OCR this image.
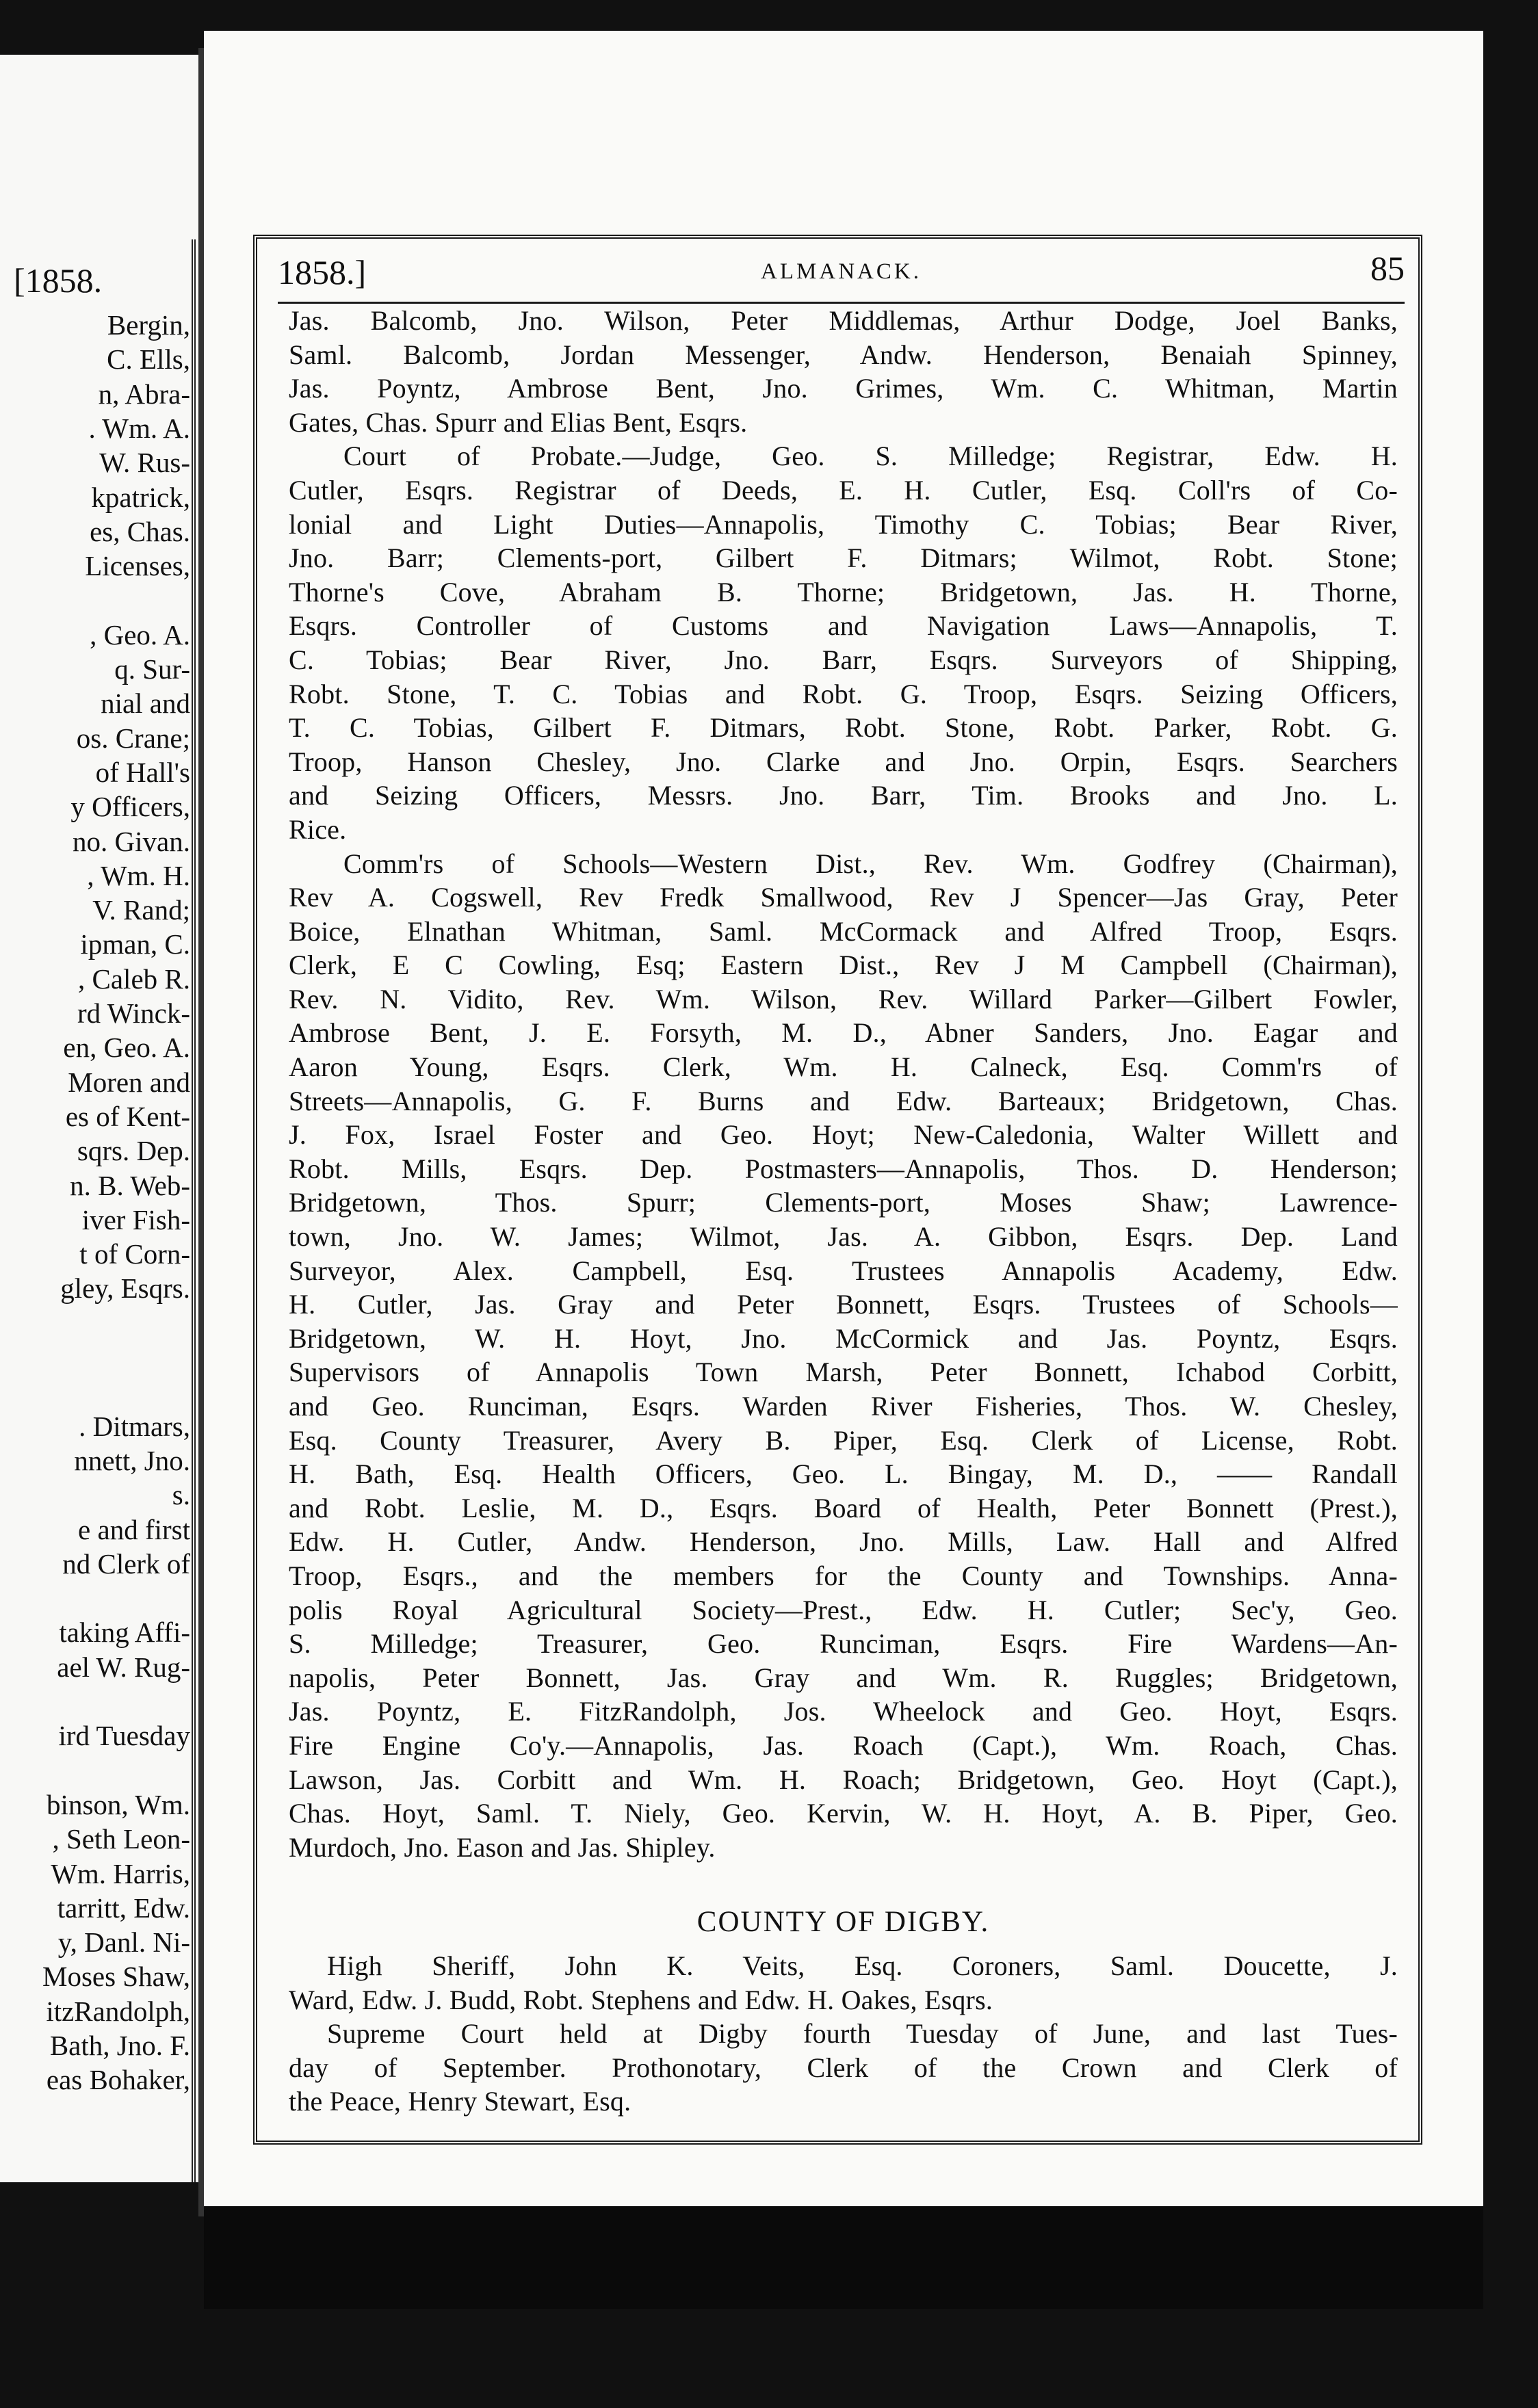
[1858.
Bergin,
C. Ells,
n, Abra-
. Wm. A.
W. Rus-
kpatrick,
es, Chas.
Licenses,
, Geo. A.
q. Sur-
nial and
os. Crane;
of Hall's
y Officers,
no. Givan.
, Wm. H.
V. Rand;
ipman, C.
, Caleb R.
rd Winck-
en, Geo. A.
Moren and
es of Kent-
sqrs. Dep.
n. B. Web-
iver Fish-
t of Corn-
gley, Esqrs.
. Ditmars,
nnett, Jno.
s.
e and first
nd Clerk of
taking Affi-
ael W. Rug-
ird Tuesday
binson, Wm.
, Seth Leon-
Wm. Harris,
tarritt, Edw.
y, Danl. Ni-
Moses Shaw,
itzRandolph,
Bath, Jno. F.
eas Bohaker,
1858.]	ALMANACK.	85
Jas. Balcomb, Jno. Wilson, Peter Middlemas, Arthur Dodge, Joel Banks,
Saml. Balcomb, Jordan Messenger, Andw. Henderson, Benaiah Spinney,
Jas. Poyntz, Ambrose Bent, Jno. Grimes, Wm. C. Whitman, Martin
Gates, Chas. Spurr and Elias Bent, Esqrs.
Court of Probate.—Judge, Geo. S. Milledge; Registrar, Edw. H.
Cutler, Esqrs. Registrar of Deeds, E. H. Cutler, Esq. Coll'rs of Co-
lonial and Light Duties—Annapolis, Timothy C. Tobias; Bear River,
Jno. Barr; Clements-port, Gilbert F. Ditmars; Wilmot, Robt. Stone;
Thorne's Cove, Abraham B. Thorne; Bridgetown, Jas. H. Thorne,
Esqrs. Controller of Customs and Navigation Laws—Annapolis, T.
C. Tobias; Bear River, Jno. Barr, Esqrs. Surveyors of Shipping,
Robt. Stone, T. C. Tobias and Robt. G. Troop, Esqrs. Seizing Officers,
T. C. Tobias, Gilbert F. Ditmars, Robt. Stone, Robt. Parker, Robt. G.
Troop, Hanson Chesley, Jno. Clarke and Jno. Orpin, Esqrs. Searchers
and Seizing Officers, Messrs. Jno. Barr, Tim. Brooks and Jno. L.
Rice.
Comm'rs of Schools—Western Dist., Rev. Wm. Godfrey (Chairman),
Rev A. Cogswell, Rev Fredk Smallwood, Rev J Spencer—Jas Gray, Peter
Boice, Elnathan Whitman, Saml. McCormack and Alfred Troop, Esqrs.
Clerk, E C Cowling, Esq; Eastern Dist., Rev J M Campbell (Chairman),
Rev. N. Vidito, Rev. Wm. Wilson, Rev. Willard Parker—Gilbert Fowler,
Ambrose Bent, J. E. Forsyth, M. D., Abner Sanders, Jno. Eagar and
Aaron Young, Esqrs. Clerk, Wm. H. Calneck, Esq. Comm'rs of
Streets—Annapolis, G. F. Burns and Edw. Barteaux; Bridgetown, Chas.
J. Fox, Israel Foster and Geo. Hoyt; New-Caledonia, Walter Willett and
Robt. Mills, Esqrs. Dep. Postmasters—Annapolis, Thos. D. Henderson;
Bridgetown, Thos. Spurr; Clements-port, Moses Shaw; Lawrence-
town, Jno. W. James; Wilmot, Jas. A. Gibbon, Esqrs. Dep. Land
Surveyor, Alex. Campbell, Esq. Trustees Annapolis Academy, Edw.
H. Cutler, Jas. Gray and Peter Bonnett, Esqrs. Trustees of Schools—
Bridgetown, W. H. Hoyt, Jno. McCormick and Jas. Poyntz, Esqrs.
Supervisors of Annapolis Town Marsh, Peter Bonnett, Ichabod Corbitt,
and Geo. Runciman, Esqrs. Warden River Fisheries, Thos. W. Chesley,
Esq. County Treasurer, Avery B. Piper, Esq. Clerk of License, Robt.
H. Bath, Esq. Health Officers, Geo. L. Bingay, M. D., —— Randall
and Robt. Leslie, M. D., Esqrs. Board of Health, Peter Bonnett (Prest.),
Edw. H. Cutler, Andw. Henderson, Jno. Mills, Law. Hall and Alfred
Troop, Esqrs., and the members for the County and Townships. Anna-
polis Royal Agricultural Society—Prest., Edw. H. Cutler; Sec'y, Geo.
S. Milledge; Treasurer, Geo. Runciman, Esqrs. Fire Wardens—An-
napolis, Peter Bonnett, Jas. Gray and Wm. R. Ruggles; Bridgetown,
Jas. Poyntz, E. FitzRandolph, Jos. Wheelock and Geo. Hoyt, Esqrs.
Fire Engine Co'y.—Annapolis, Jas. Roach (Capt.), Wm. Roach, Chas.
Lawson, Jas. Corbitt and Wm. H. Roach; Bridgetown, Geo. Hoyt (Capt.),
Chas. Hoyt, Saml. T. Niely, Geo. Kervin, W. H. Hoyt, A. B. Piper, Geo.
Murdoch, Jno. Eason and Jas. Shipley.
COUNTY OF DIGBY.
High Sheriff, John K. Veits, Esq. Coroners, Saml. Doucette, J.
Ward, Edw. J. Budd, Robt. Stephens and Edw. H. Oakes, Esqrs.
Supreme Court held at Digby fourth Tuesday of June, and last Tues-
day of September. Prothonotary, Clerk of the Crown and Clerk of
the Peace, Henry Stewart, Esq.
